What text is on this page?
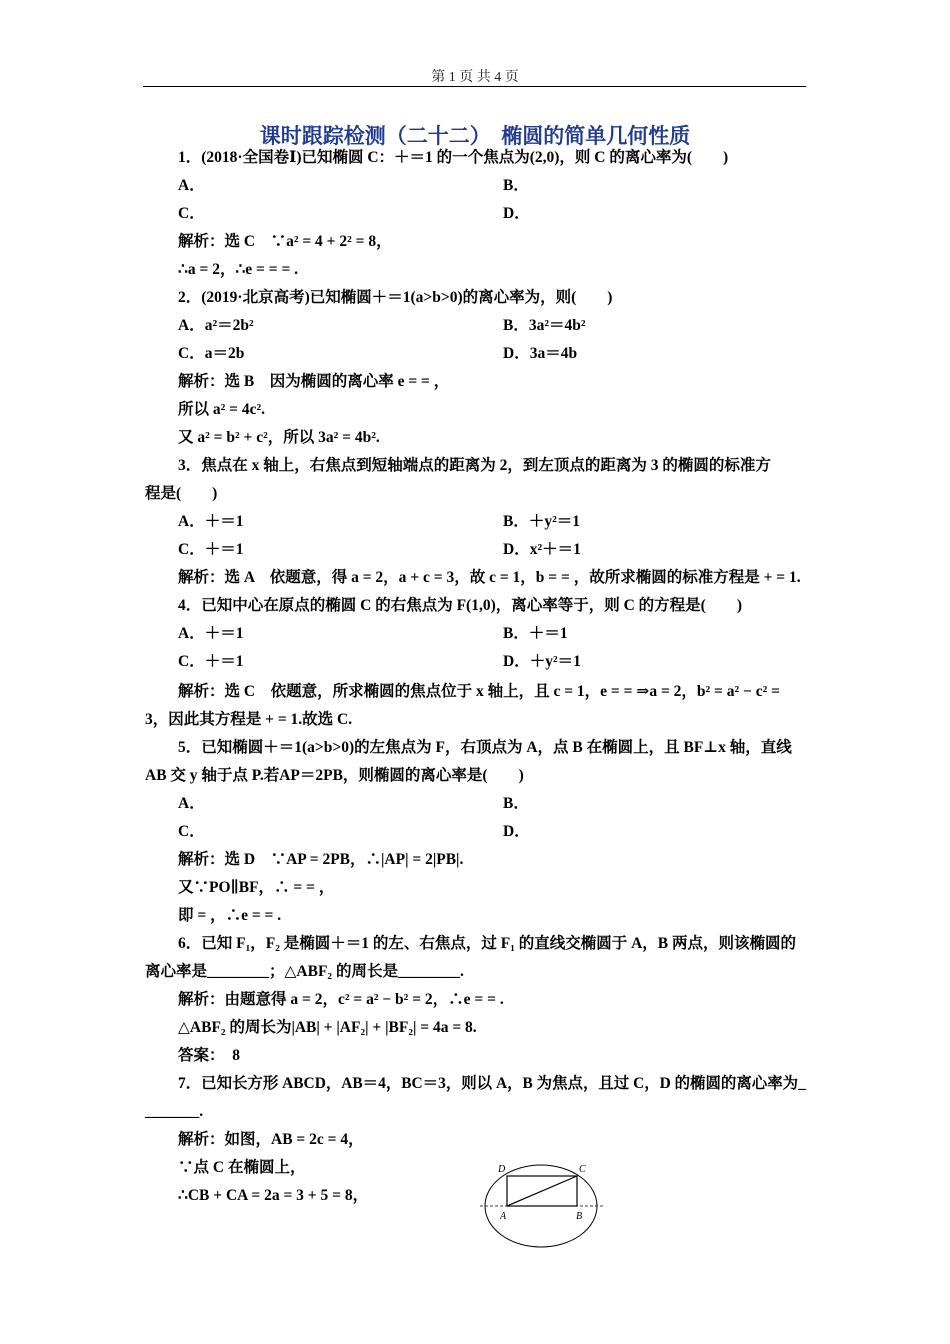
第 1 页 共 4 页
课时跟踪检测（二十二）  椭圆的简单几何性质
1．(2018·全国卷Ⅰ)已知椭圆 C：＋＝1 的一个焦点为(2,0)，则 C 的离心率为(　　)
A．	B．
C．	D．
解析：选 C　∵a² = 4 + 2² = 8，
∴a = 2，∴e = = = .
2．(2019·北京高考)已知椭圆＋＝1(a>b>0)的离心率为，则(　　)
A．a²＝2b²	B．3a²＝4b²
C．a＝2b	D．3a＝4b
解析：选 B　因为椭圆的离心率 e = = ，
所以 a² = 4c².
又 a² = b² + c²，所以 3a² = 4b².
3．焦点在 x 轴上，右焦点到短轴端点的距离为 2，到左顶点的距离为 3 的椭圆的标准方
程是(　　)
A．＋＝1	B．＋y²＝1
C．＋＝1	D．x²＋＝1
解析：选 A　依题意，得 a = 2，a + c = 3，故 c = 1，b = = ，故所求椭圆的标准方程是 + = 1.
4．已知中心在原点的椭圆 C 的右焦点为 F(1,0)，离心率等于，则 C 的方程是(　　)
A．＋＝1	B．＋＝1
C．＋＝1	D．＋y²＝1
解析：选 C　依题意，所求椭圆的焦点位于 x 轴上，且 c = 1，e = = ⇒a = 2，b² = a² − c² =
3，因此其方程是 + = 1.故选 C.
5．已知椭圆＋＝1(a>b>0)的左焦点为 F，右顶点为 A，点 B 在椭圆上，且 BF⊥x 轴，直线
AB 交 y 轴于点 P.若AP＝2PB，则椭圆的离心率是(　　)
A．	B．
C．	D．
解析：选 D　∵AP = 2PB，∴|AP| = 2|PB|.
又∵PO∥BF，∴ = = ，
即 = ，∴e = = .
6．已知 F₁，F₂ 是椭圆＋＝1 的左、右焦点，过 F₁ 的直线交椭圆于 A，B 两点，则该椭圆的
离心率是________；△ABF₂ 的周长是________.
解析：由题意得 a = 2，c² = a² − b² = 2，∴e = = .
△ABF₂ 的周长为|AB| + |AF₂| + |BF₂| = 4a = 8.
答案：　8
7．已知长方形 ABCD，AB＝4，BC＝3，则以 A，B 为焦点，且过 C，D 的椭圆的离心率为_
_______.
解析：如图，AB = 2c = 4，
∵点 C 在椭圆上，
∴CB + CA = 2a = 3 + 5 = 8，
D	C
A	B
